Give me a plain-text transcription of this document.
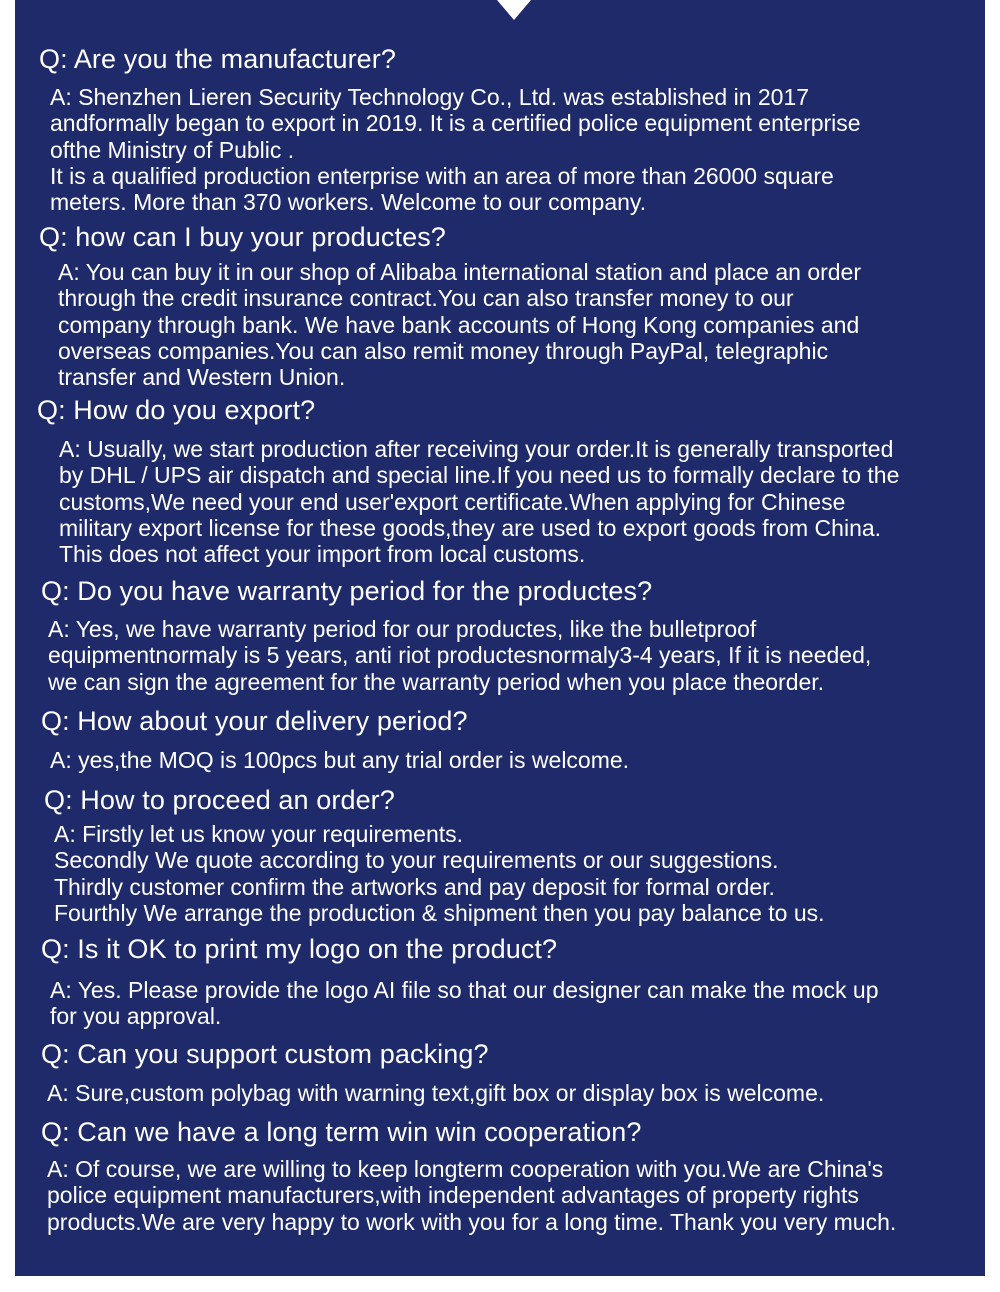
Q: Are you the manufacturer?
A: Shenzhen Lieren Security Technology Co., Ltd. was established in 2017
andformally began to export in 2019. It is a certified police equipment enterprise
ofthe Ministry of Public .
It is a qualified production enterprise with an area of more than 26000 square
meters. More than 370 workers. Welcome to our company.
Q: how can I buy your productes?
A: You can buy it in our shop of Alibaba international station and place an order
through the credit insurance contract.You can also transfer money to our
company through bank. We have bank accounts of Hong Kong companies and
overseas companies.You can also remit money through PayPal, telegraphic
transfer and Western Union.
Q: How do you export?
A: Usually, we start production after receiving your order.It is generally transported
by DHL / UPS air dispatch and special line.If you need us to formally declare to the
customs,We need your end user'export certificate.When applying for Chinese
military export license for these goods,they are used to export goods from China.
This does not affect your import from local customs.
Q: Do you have warranty period for the productes?
A: Yes, we have warranty period for our productes, like the bulletproof
equipmentnormaly is 5 years, anti riot productesnormaly3-4 years, If it is needed,
we can sign the agreement for the warranty period when you place theorder.
Q: How about your delivery period?
A: yes,the MOQ is 100pcs but any trial order is welcome.
Q: How to proceed an order?
A: Firstly let us know your requirements.
Secondly We quote according to your requirements or our suggestions.
Thirdly customer confirm the artworks and pay deposit for formal order.
Fourthly We arrange the production & shipment then you pay balance to us.
Q: Is it OK to print my logo on the product?
A: Yes. Please provide the logo AI file so that our designer can make the mock up
for you approval.
Q: Can you support custom packing?
A: Sure,custom polybag with warning text,gift box or display box is welcome.
Q: Can we have a long term win win cooperation?
A: Of course, we are willing to keep longterm cooperation with you.We are China's
police equipment manufacturers,with independent advantages of property rights
products.We are very happy to work with you for a long time. Thank you very much.
